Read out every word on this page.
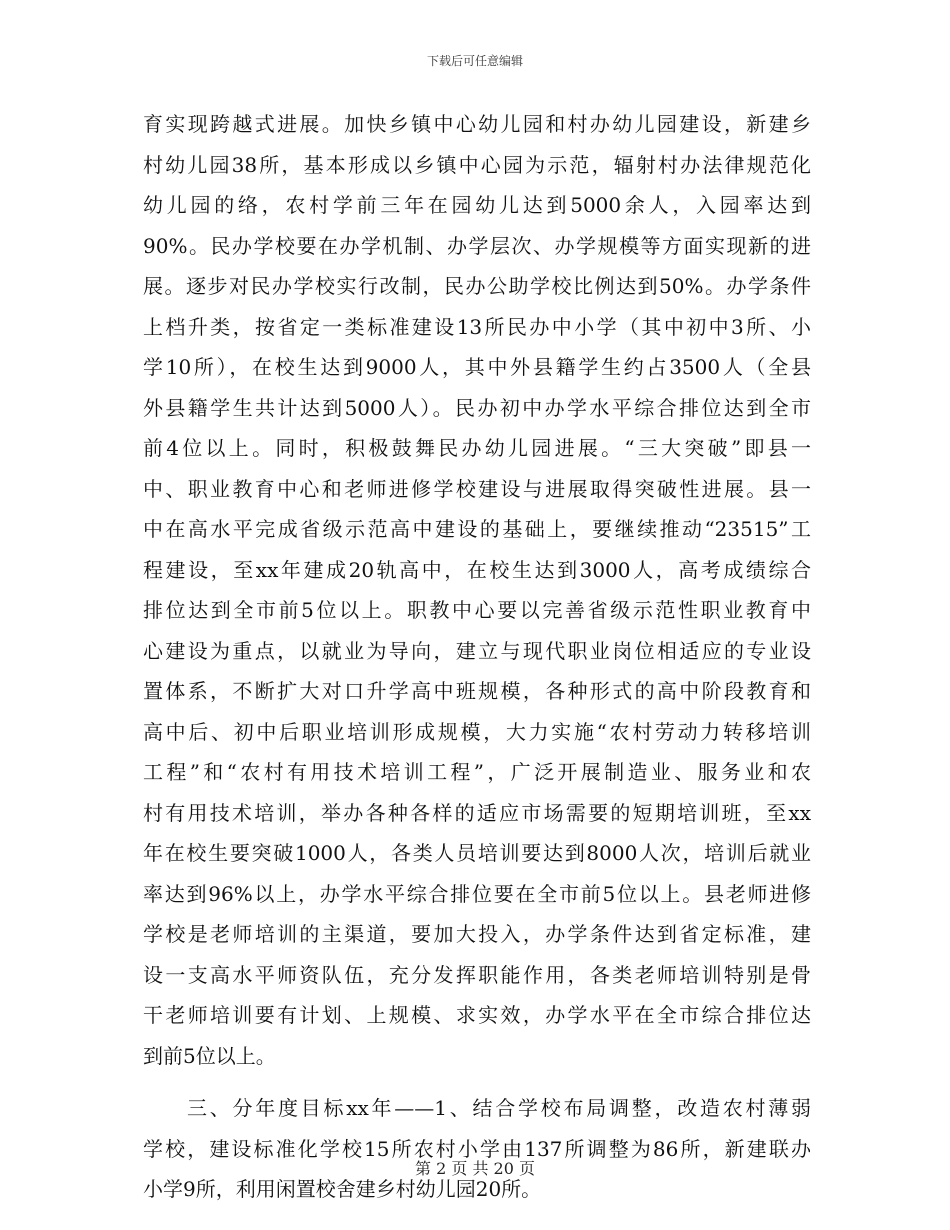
下载后可任意编辑
育实现跨越式进展。加快乡镇中心幼儿园和村办幼儿园建设，新建乡
村幼儿园38所，基本形成以乡镇中心园为示范，辐射村办法律规范化
幼儿园的络，农村学前三年在园幼儿达到5000余人，入园率达到
90%。民办学校要在办学机制、办学层次、办学规模等方面实现新的进
展。逐步对民办学校实行改制，民办公助学校比例达到50%。办学条件
上档升类，按省定一类标准建设13所民办中小学（其中初中3所、小
学10所），在校生达到9000人，其中外县籍学生约占3500人（全县
外县籍学生共计达到5000人）。民办初中办学水平综合排位达到全市
前4位以上。同时，积极鼓舞民办幼儿园进展。“三大突破”即县一
中、职业教育中心和老师进修学校建设与进展取得突破性进展。县一
中在高水平完成省级示范高中建设的基础上，要继续推动“23515”工
程建设，至xx年建成20轨高中，在校生达到3000人，高考成绩综合
排位达到全市前5位以上。职教中心要以完善省级示范性职业教育中
心建设为重点，以就业为导向，建立与现代职业岗位相适应的专业设
置体系，不断扩大对口升学高中班规模，各种形式的高中阶段教育和
高中后、初中后职业培训形成规模，大力实施“农村劳动力转移培训
工程”和“农村有用技术培训工程”，广泛开展制造业、服务业和农
村有用技术培训，举办各种各样的适应市场需要的短期培训班，至xx
年在校生要突破1000人，各类人员培训要达到8000人次，培训后就业
率达到96%以上，办学水平综合排位要在全市前5位以上。县老师进修
学校是老师培训的主渠道，要加大投入，办学条件达到省定标准，建
设一支高水平师资队伍，充分发挥职能作用，各类老师培训特别是骨
干老师培训要有计划、上规模、求实效，办学水平在全市综合排位达
到前5位以上。
三、分年度目标xx年——1、结合学校布局调整，改造农村薄弱
学校，建设标准化学校15所农村小学由137所调整为86所，新建联办
小学9所，利用闲置校舍建乡村幼儿园20所。
第 2 页 共 20 页
